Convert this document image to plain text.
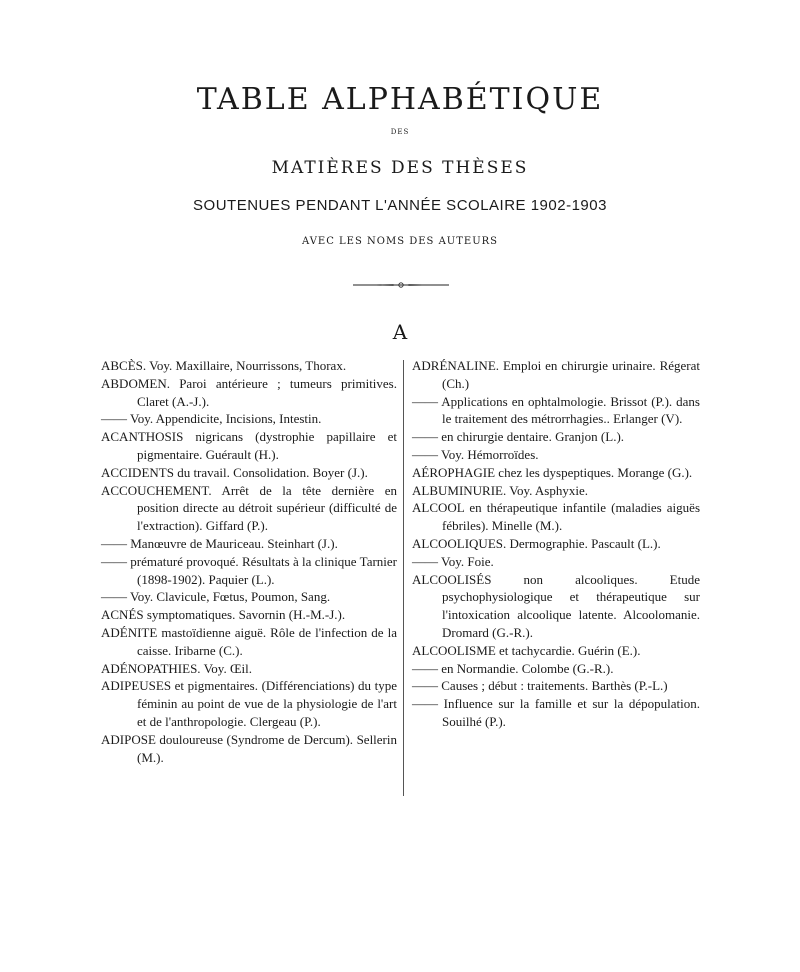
TABLE ALPHABÉTIQUE
DES
MATIÈRES DES THÈSES
SOUTENUES PENDANT L'ANNÉE SCOLAIRE 1902-1903
AVEC LES NOMS DES AUTEURS
A

ABCÈS. Voy. Maxillaire, Nourrissons, Thorax.

ABDOMEN. Paroi antérieure ; tumeurs primitives. Claret (A.-J.).

—— Voy. Appendicite, Incisions, Intestin.

ACANTHOSIS nigricans (dystrophie papillaire et pigmentaire. Guérault (H.).

ACCIDENTS du travail. Consolidation. Boyer (J.).

ACCOUCHEMENT. Arrêt de la tête dernière en position directe au détroit supérieur (difficulté de l'extraction). Giffard (P.).

—— Manœuvre de Mauriceau. Steinhart (J.).

—— prématuré provoqué. Résultats à la clinique Tarnier (1898-1902). Paquier (L.).

—— Voy. Clavicule, Fœtus, Poumon, Sang.

ACNÉS symptomatiques. Savornin (H.-M.-J.).

ADÉNITE mastoïdienne aiguë. Rôle de l'infection de la caisse. Iribarne (C.).

ADÉNOPATHIES. Voy. Œil.

ADIPEUSES et pigmentaires. (Différenciations) du type féminin au point de vue de la physiologie de l'art et de l'anthropologie. Clergeau (P.).

ADIPOSE douloureuse (Syndrome de Dercum). Sellerin (M.).

ADRÉNALINE. Emploi en chirurgie urinaire. Régerat (Ch.)

—— Applications en ophtalmologie. Brissot (P.). dans le traitement des métrorrhagies.. Erlanger (V).

—— en chirurgie dentaire. Granjon (L.).

—— Voy. Hémorroïdes.

AÉROPHAGIE chez les dyspeptiques. Morange (G.).

ALBUMINURIE. Voy. Asphyxie.

ALCOOL en thérapeutique infantile (maladies aiguës fébriles). Minelle (M.).

ALCOOLIQUES. Dermographie. Pascault (L.).

—— Voy. Foie.

ALCOOLISÉS non alcooliques. Etude psychophysiologique et thérapeutique sur l'intoxication alcoolique latente. Alcoolomanie. Dromard (G.-R.).

ALCOOLISME et tachycardie. Guérin (E.).

—— en Normandie. Colombe (G.-R.).

—— Causes ; début : traitements. Barthès (P.-L.)

—— Influence sur la famille et sur la dépopulation. Souilhé (P.).
